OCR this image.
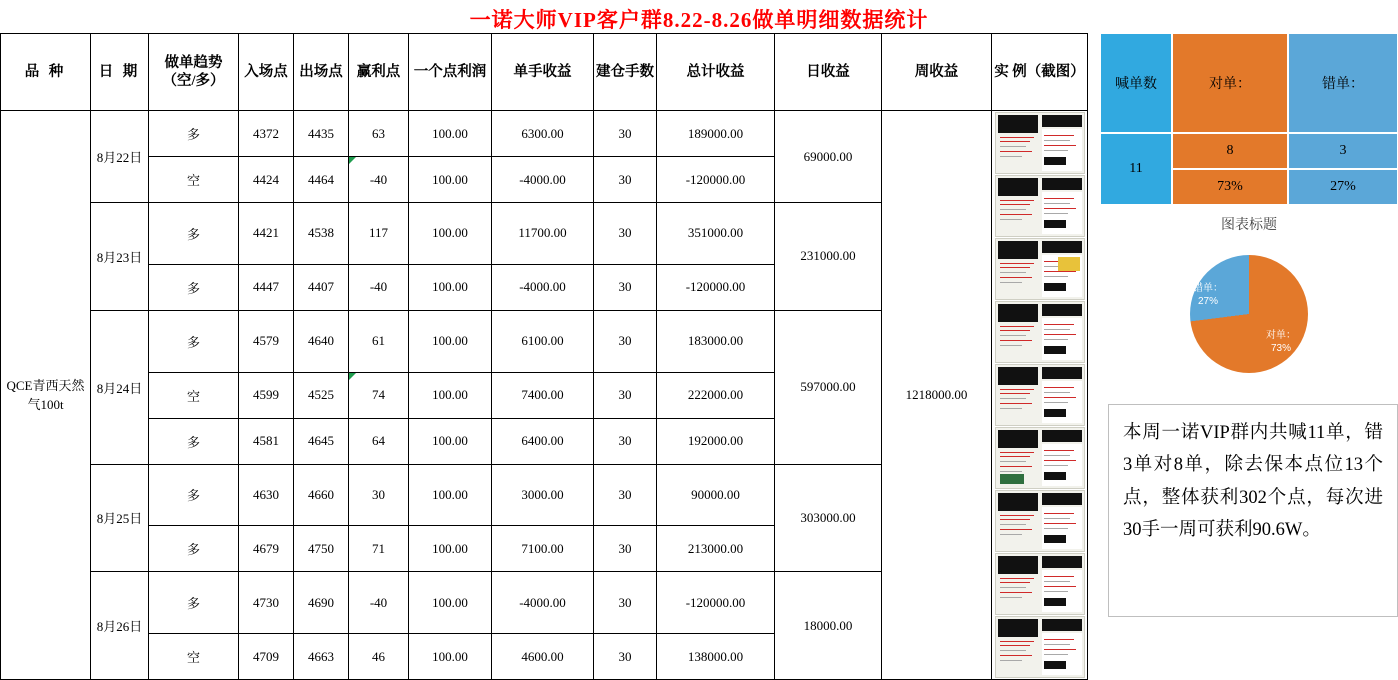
一诺大师VIP客户群8.22-8.26做单明细数据统计
品 种	日 期	做单趋势（空/多）	入场点	出场点	赢利点	一个点利润	单手收益	建仓手数	总计收益	日收益	周收益	实 例（截图）

QCE青西天然气100t	8月22日	多	4372	4435	63	100.00	6300.00	30	189000.00	69000.00	1218000.00	

		空	4424	4464	-40	100.00	-4000.00	30	-120000.00			
	8月23日	多	4421	4538	117	100.00	11700.00	30	351000.00	231000.00		
		多	4447	4407	-40	100.00	-4000.00	30	-120000.00			
	8月24日	多	4579	4640	61	100.00	6100.00	30	183000.00	597000.00		
		空	4599	4525	74	100.00	7400.00	30	222000.00			
		多	4581	4645	64	100.00	6400.00	30	192000.00			
	8月25日	多	4630	4660	30	100.00	3000.00	30	90000.00	303000.00		
		多	4679	4750	71	100.00	7100.00	30	213000.00			
	8月26日	多	4730	4690	-40	100.00	-4000.00	30	-120000.00	18000.00		
		空	4709	4663	46	100.00	4600.00	30	138000.00			
喊单数	对单：	错单：
11
8	3
73%	27%
图表标题
错单：
27%
对单：
73%
本周一诺VIP群内共喊11单，错3单对8单，除去保本点位13个点，整体获利302个点，每次进30手一周可获利90.6W。
